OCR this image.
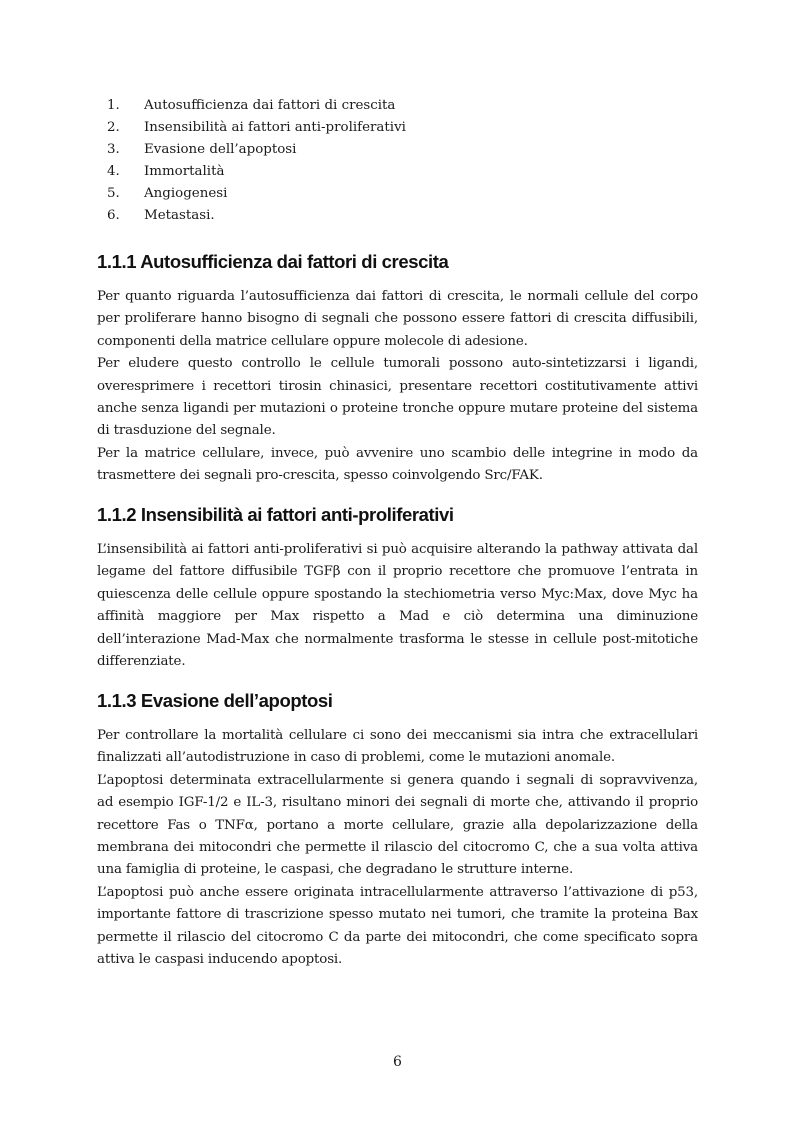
1.	Autosufficienza dai fattori di crescita
2.	Insensibilità ai fattori anti-proliferativi
3.	Evasione dell’apoptosi
4.	Immortalità
5.	Angiogenesi
6.	Metastasi.
1.1.1 Autosufficienza dai fattori di crescita

Per quanto riguarda l’autosufficienza dai fattori di crescita, le normali cellule del corpo per proliferare hanno bisogno di segnali che possono essere fattori di crescita diffusibili, componenti della matrice cellulare oppure molecole di adesione.

Per eludere questo controllo le cellule tumorali possono auto-sintetizzarsi i ligandi, overesprimere i recettori tirosin chinasici, presentare recettori costitutivamente attivi anche senza ligandi per mutazioni o proteine tronche oppure mutare proteine del sistema di trasduzione del segnale.

Per la matrice cellulare, invece, può avvenire uno scambio delle integrine in modo da trasmettere dei segnali pro-crescita, spesso coinvolgendo Src/FAK.

1.1.2 Insensibilità ai fattori anti-proliferativi

L’insensibilità ai fattori anti-proliferativi si può acquisire alterando la pathway attivata dal legame del fattore diffusibile TGFβ con il proprio recettore che promuove l’entrata in quiescenza delle cellule oppure spostando la stechiometria verso Myc:Max, dove Myc ha affinità maggiore per Max rispetto a Mad e ciò determina una diminuzione dell’interazione Mad-Max che normalmente trasforma le stesse in cellule post-mitotiche differenziate.

1.1.3 Evasione dell’apoptosi

Per controllare la mortalità cellulare ci sono dei meccanismi sia intra che extracellulari finalizzati all’autodistruzione in caso di problemi, come le mutazioni anomale.

L’apoptosi determinata extracellularmente si genera quando i segnali di sopravvivenza, ad esempio IGF-1/2 e IL-3, risultano minori dei segnali di morte che, attivando il proprio recettore Fas o TNFα, portano a morte cellulare, grazie alla depolarizzazione della membrana dei mitocondri che permette il rilascio del citocromo C, che a sua volta attiva una famiglia di proteine, le caspasi, che degradano le strutture interne.

L’apoptosi può anche essere originata intracellularmente attraverso l’attivazione di p53, importante fattore di trascrizione spesso mutato nei tumori, che tramite la proteina Bax permette il rilascio del citocromo C da parte dei mitocondri, che come specificato sopra attiva le caspasi inducendo apoptosi.

6
